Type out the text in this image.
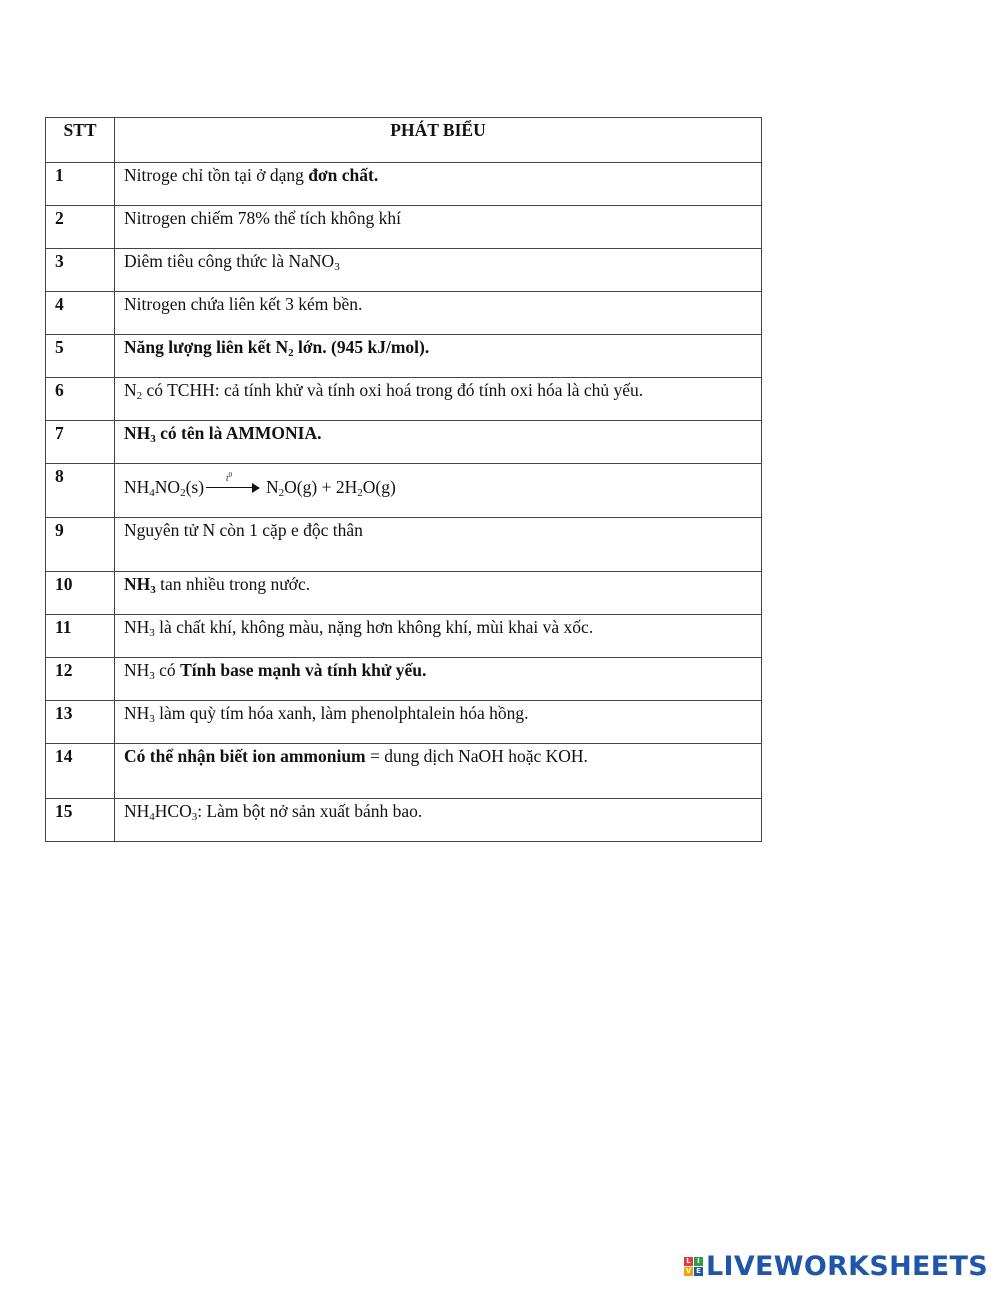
STT	PHÁT BIỂU

1	Nitroge chỉ tồn tại ở dạng đơn chất.

2	Nitrogen chiếm 78% thể tích không khí

3	Diêm tiêu công thức là NaNO$_3$

4	Nitrogen chứa liên kết 3 kém bền.

5	Năng lượng liên kết $N_2$ lớn. (945 kJ/mol).

6	$N_2$ có TCHH: cả tính khử và tính oxi hoá trong đó tính oxi hóa là chủ yếu.

7	$NH_3$ có tên là AMMONIA.

8	$NH_4NO_2(s)$ $t^0$
$N_2O(g) + 2H_2O(g)$

9	Nguyên tử N còn 1 cặp e độc thân

10	$NH_3$ tan nhiều trong nước.

11	$NH_3$ là chất khí, không màu, nặng hơn không khí, mùi khai và xốc.

12	$NH_3$ có Tính base mạnh và tính khử yếu.

13	$NH_3$ làm quỳ tím hóa xanh, làm phenolphtalein hóa hồng.

14	Có thể nhận biết ion ammonium = dung dịch NaOH hoặc KOH.

15	$NH_4HCO_3$: Làm bột nở sản xuất bánh bao.
L I
V E LIVEWORKSHEETS
